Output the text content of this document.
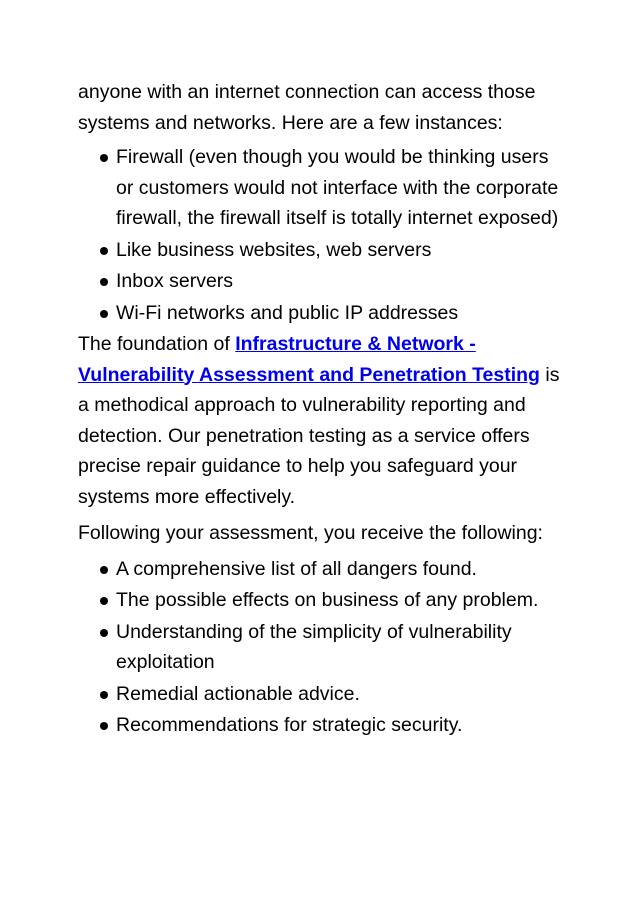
anyone with an internet connection can access those systems and networks. Here are a few instances:

Firewall (even though you would be thinking users or customers would not interface with the corporate firewall, the firewall itself is totally internet exposed)
Like business websites, web servers
Inbox servers
Wi-Fi networks and public IP addresses

The foundation of Infrastructure & Network - Vulnerability Assessment and Penetration Testing is a methodical approach to vulnerability reporting and detection. Our penetration testing as a service offers precise repair guidance to help you safeguard your systems more effectively.

Following your assessment, you receive the following:

A comprehensive list of all dangers found.
The possible effects on business of any problem.
Understanding of the simplicity of vulnerability exploitation
Remedial actionable advice.
Recommendations for strategic security.
